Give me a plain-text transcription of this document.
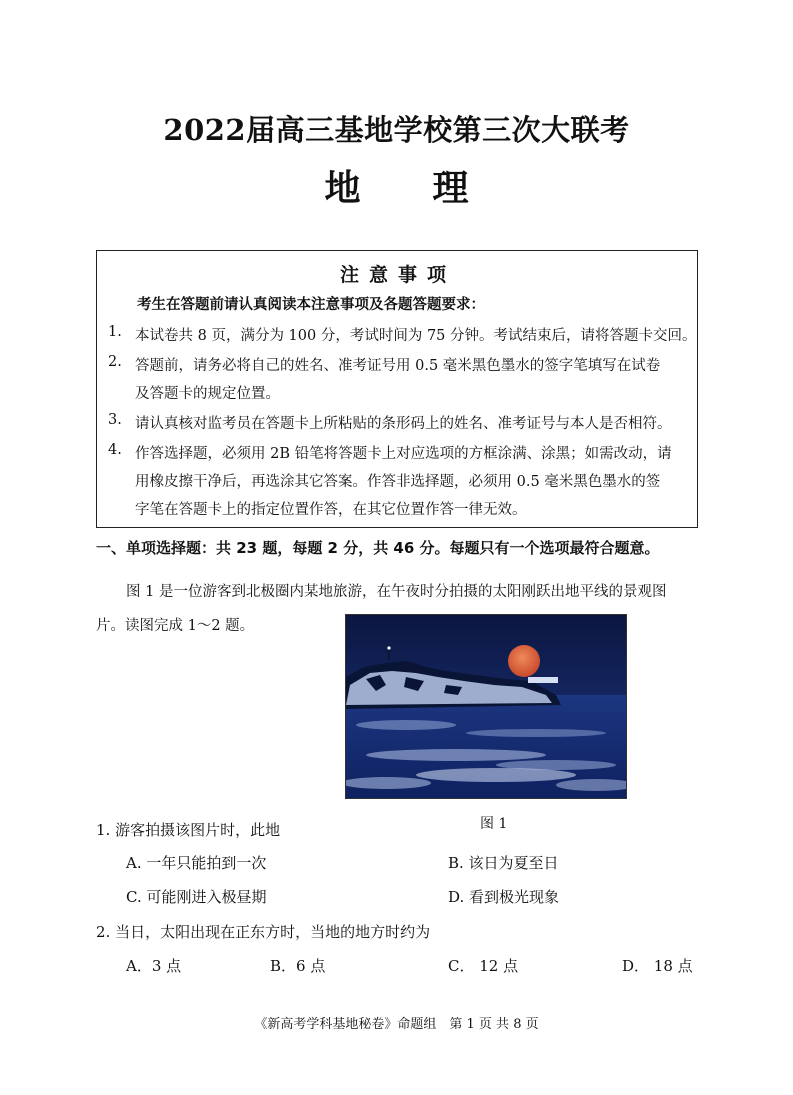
2022届高三基地学校第三次大联考
地　　理
注意事项
考生在答题前请认真阅读本注意事项及各题答题要求：
1. 本试卷共 8 页，满分为 100 分，考试时间为 75 分钟。考试结束后，请将答题卡交回。
2. 答题前，请务必将自己的姓名、准考证号用 0.5 毫米黑色墨水的签字笔填写在试卷
及答题卡的规定位置。
3. 请认真核对监考员在答题卡上所粘贴的条形码上的姓名、准考证号与本人是否相符。
4. 作答选择题，必须用 2B 铅笔将答题卡上对应选项的方框涂满、涂黑；如需改动，请
用橡皮擦干净后，再选涂其它答案。作答非选择题，必须用 0.5 毫米黑色墨水的签
字笔在答题卡上的指定位置作答，在其它位置作答一律无效。
一、单项选择题：共 23 题，每题 2 分，共 46 分。每题只有一个选项最符合题意。
图 1 是一位游客到北极圈内某地旅游，在午夜时分拍摄的太阳刚跃出地平线的景观图
片。读图完成 1～2 题。
图 1
1. 游客拍摄该图片时，此地
A. 一年只能拍到一次	B. 该日为夏至日
C. 可能刚进入极昼期	D. 看到极光现象
2. 当日，太阳出现在正东方时，当地的地方时约为
A．3 点	B．6 点	C． 12 点	D． 18 点
《新高考学科基地秘卷》命题组　第 1 页 共 8 页
